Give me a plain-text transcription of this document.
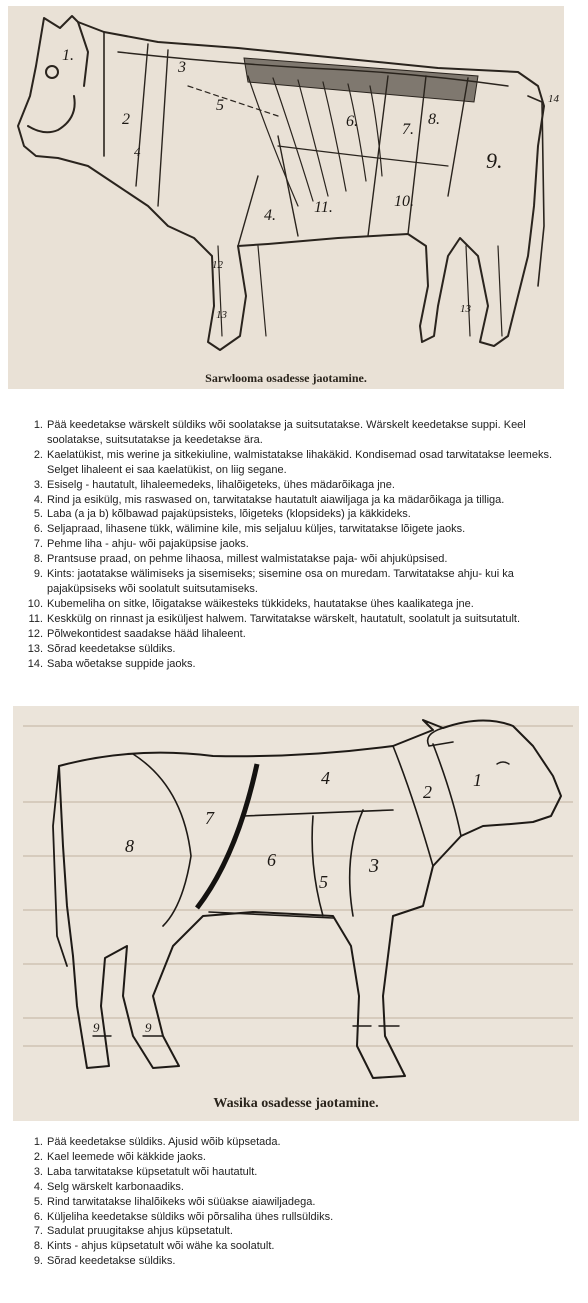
1.
2
3
4
4.
5
6.	7.
8.
9.
10.
11.
12
13	13
14
Sarwlooma osadesse jaotamine.
1. Pää keedetakse wärskelt süldiks wõi soolatakse ja suitsutatakse. Wärskelt keedetakse suppi. Keel soolatakse, suitsutatakse ja keedetakse ära.
2. Kaelatükist, mis werine ja sitkekiuline, walmistatakse lihakäkid. Kondisemad osad tarwitatakse leemeks. Selget lihaleent ei saa kaelatükist, on liig segane.
3. Esiselg - hautatult, lihaleemedeks, lihalõigeteks, ühes mädarõikaga jne.
4. Rind ja esikülg, mis raswased on, tarwitatakse hautatult aiawiljaga ja ka mädarõikaga ja tilliga.
5. Laba (a ja b) kõlbawad pajaküpsisteks, lõigeteks (klopsideks) ja käkkideks.
6. Seljapraad, lihasene tükk, wälimine kile, mis seljaluu küljes, tarwitatakse lõigete jaoks.
7. Pehme liha - ahju- wõi pajaküpsise jaoks.
8. Prantsuse praad, on pehme lihaosa, millest walmistatakse paja- wõi ahjuküpsised.
9. Kints: jaotatakse wälimiseks ja sisemiseks; sisemine osa on muredam. Tarwitatakse ahju- kui ka pajaküpsiseks wõi soolatult suitsutamiseks.
10. Kubemeliha on sitke, lõigatakse wäikesteks tükkideks, hautatakse ühes kaalikatega jne.
11. Keskkülg on rinnast ja esiküljest halwem. Tarwitatakse wärskelt, hautatult, soolatult ja suitsutatult.
12. Põlwekontidest saadakse hääd lihaleent.
13. Sõrad keedetakse süldiks.
14. Saba wõetakse suppide jaoks.
1
2
3
4
5
6
7
8
9	9
Wasika osadesse jaotamine.
1. Pää keedetakse süldiks. Ajusid wõib küpsetada.
2. Kael leemede wõi käkkide jaoks.
3. Laba tarwitatakse küpsetatult wõi hautatult.
4. Selg wärskelt karbonaadiks.
5. Rind tarwitatakse lihalõikeks wõi süüakse aiawiljadega.
6. Küljeliha keedetakse süldiks wõi põrsaliha ühes rullsüldiks.
7. Sadulat pruugitakse ahjus küpsetatult.
8. Kints - ahjus küpsetatult wõi wähe ka soolatult.
9. Sõrad keedetakse süldiks.
